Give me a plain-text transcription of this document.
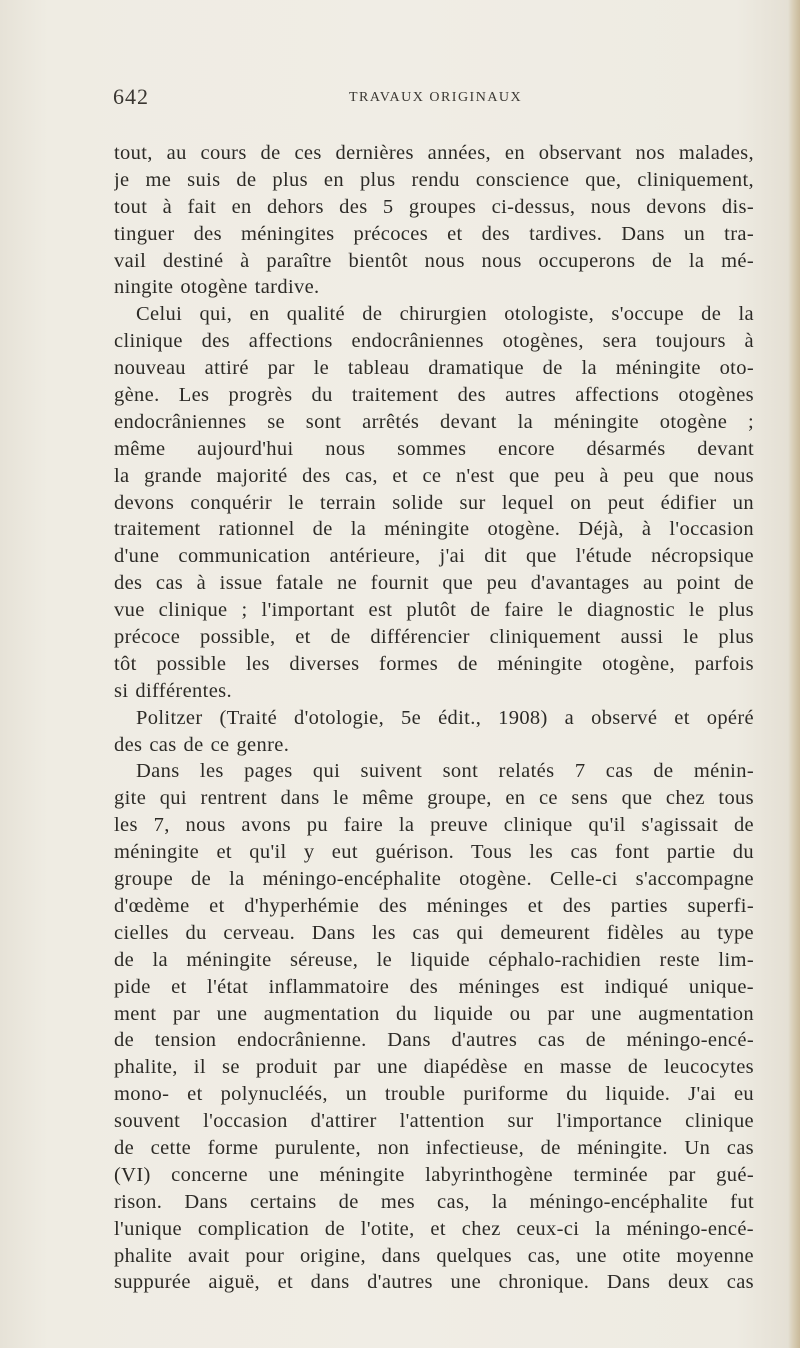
642	TRAVAUX ORIGINAUX
tout, au cours de ces dernières années, en observant nos malades,
je me suis de plus en plus rendu conscience que, cliniquement,
tout à fait en dehors des 5 groupes ci-dessus, nous devons dis-
tinguer des méningites précoces et des tardives. Dans un tra-
vail destiné à paraître bientôt nous nous occuperons de la mé-
ningite otogène tardive.
Celui qui, en qualité de chirurgien otologiste, s'occupe de la
clinique des affections endocrâniennes otogènes, sera toujours à
nouveau attiré par le tableau dramatique de la méningite oto-
gène. Les progrès du traitement des autres affections otogènes
endocrâniennes se sont arrêtés devant la méningite otogène ;
même aujourd'hui nous sommes encore désarmés devant
la grande majorité des cas, et ce n'est que peu à peu que nous
devons conquérir le terrain solide sur lequel on peut édifier un
traitement rationnel de la méningite otogène. Déjà, à l'occasion
d'une communication antérieure, j'ai dit que l'étude nécropsique
des cas à issue fatale ne fournit que peu d'avantages au point de
vue clinique ; l'important est plutôt de faire le diagnostic le plus
précoce possible, et de différencier cliniquement aussi le plus
tôt possible les diverses formes de méningite otogène, parfois
si différentes.
Politzer (Traité d'otologie, 5e édit., 1908) a observé et opéré
des cas de ce genre.
Dans les pages qui suivent sont relatés 7 cas de ménin-
gite qui rentrent dans le même groupe, en ce sens que chez tous
les 7, nous avons pu faire la preuve clinique qu'il s'agissait de
méningite et qu'il y eut guérison. Tous les cas font partie du
groupe de la méningo-encéphalite otogène. Celle-ci s'accompagne
d'œdème et d'hyperhémie des méninges et des parties superfi-
cielles du cerveau. Dans les cas qui demeurent fidèles au type
de la méningite séreuse, le liquide céphalo-rachidien reste lim-
pide et l'état inflammatoire des méninges est indiqué unique-
ment par une augmentation du liquide ou par une augmentation
de tension endocrânienne. Dans d'autres cas de méningo-encé-
phalite, il se produit par une diapédèse en masse de leucocytes
mono- et polynucléés, un trouble puriforme du liquide. J'ai eu
souvent l'occasion d'attirer l'attention sur l'importance clinique
de cette forme purulente, non infectieuse, de méningite. Un cas
(VI) concerne une méningite labyrinthogène terminée par gué-
rison. Dans certains de mes cas, la méningo-encéphalite fut
l'unique complication de l'otite, et chez ceux-ci la méningo-encé-
phalite avait pour origine, dans quelques cas, une otite moyenne
suppurée aiguë, et dans d'autres une chronique. Dans deux cas
